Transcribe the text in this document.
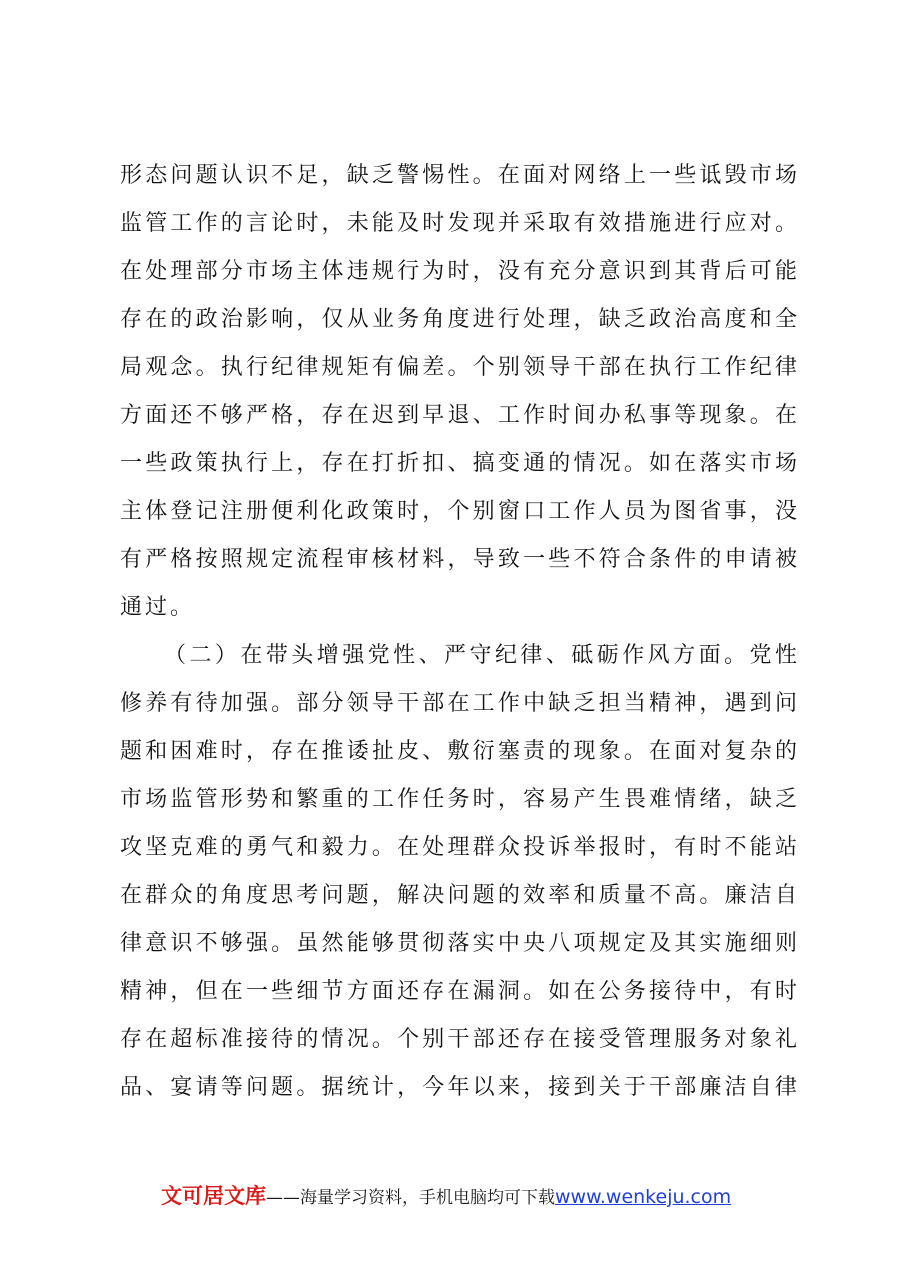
形态问题认识不足，缺乏警惕性。在面对网络上一些诋毁市场
监管工作的言论时，未能及时发现并采取有效措施进行应对。
在处理部分市场主体违规行为时，没有充分意识到其背后可能
存在的政治影响，仅从业务角度进行处理，缺乏政治高度和全
局观念。执行纪律规矩有偏差。个别领导干部在执行工作纪律
方面还不够严格，存在迟到早退、工作时间办私事等现象。在
一些政策执行上，存在打折扣、搞变通的情况。如在落实市场
主体登记注册便利化政策时，个别窗口工作人员为图省事，没
有严格按照规定流程审核材料，导致一些不符合条件的申请被
通过。
（二）在带头增强党性、严守纪律、砥砺作风方面。党性
修养有待加强。部分领导干部在工作中缺乏担当精神，遇到问
题和困难时，存在推诿扯皮、敷衍塞责的现象。在面对复杂的
市场监管形势和繁重的工作任务时，容易产生畏难情绪，缺乏
攻坚克难的勇气和毅力。在处理群众投诉举报时，有时不能站
在群众的角度思考问题，解决问题的效率和质量不高。廉洁自
律意识不够强。虽然能够贯彻落实中央八项规定及其实施细则
精神，但在一些细节方面还存在漏洞。如在公务接待中，有时
存在超标准接待的情况。个别干部还存在接受管理服务对象礼
品、宴请等问题。据统计，今年以来，接到关于干部廉洁自律
文可居文库——海量学习资料，手机电脑均可下载www.wenkeju.com
